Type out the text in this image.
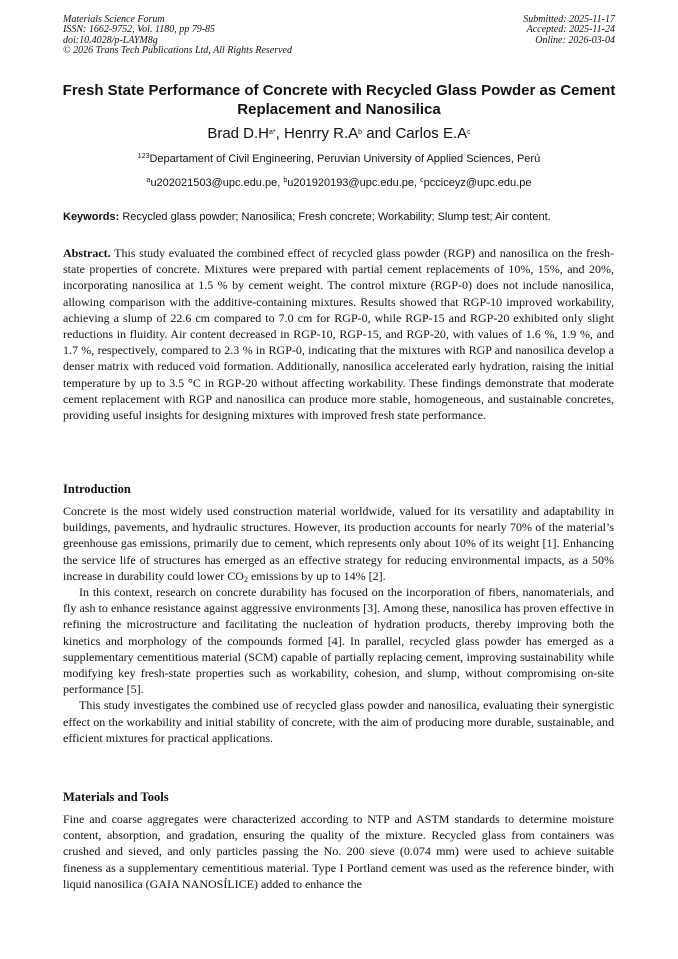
Materials Science Forum
ISSN: 1662-9752, Vol. 1180, pp 79-85
doi:10.4028/p-LAYM8g
© 2026 Trans Tech Publications Ltd, All Rights Reserved
Submitted: 2025-11-17
Accepted: 2025-11-24
Online: 2026-03-04
Fresh State Performance of Concrete with Recycled Glass Powder as Cement Replacement and Nanosilica
Brad $D.H^{a*}$, Henrry $R.A^b$ and Carlos $E.A^c$
$^{123}$Departament of Civil Engineering, Peruvian University of Applied Sciences, Perú
$^a$u202021503@upc.edu.pe, $^b$u201920193@upc.edu.pe, $^c$pcciceyz@upc.edu.pe
Keywords: Recycled glass powder; Nanosilica; Fresh concrete; Workability; Slump test; Air content.
Abstract. This study evaluated the combined effect of recycled glass powder (RGP) and nanosilica on the fresh-state properties of concrete. Mixtures were prepared with partial cement replacements of 10%, 15%, and 20%, incorporating nanosilica at 1.5 % by cement weight. The control mixture (RGP-0) does not include nanosilica, allowing comparison with the additive-containing mixtures. Results showed that RGP-10 improved workability, achieving a slump of 22.6 cm compared to 7.0 cm for RGP-0, while RGP-15 and RGP-20 exhibited only slight reductions in fluidity. Air content decreased in RGP-10, RGP-15, and RGP-20, with values of 1.6 %, 1.9 %, and 1.7 %, respectively, compared to 2.3 % in RGP-0, indicating that the mixtures with RGP and nanosilica develop a denser matrix with reduced void formation. Additionally, nanosilica accelerated early hydration, raising the initial temperature by up to 3.5 °C in RGP-20 without affecting workability. These findings demonstrate that moderate cement replacement with RGP and nanosilica can produce more stable, homogeneous, and sustainable concretes, providing useful insights for designing mixtures with improved fresh state performance.
Introduction

Concrete is the most widely used construction material worldwide, valued for its versatility and adaptability in buildings, pavements, and hydraulic structures. However, its production accounts for nearly 70% of the material’s greenhouse gas emissions, primarily due to cement, which represents only about 10% of its weight [1]. Enhancing the service life of structures has emerged as an effective strategy for reducing environmental impacts, as a 50% increase in durability could lower $CO_2$ emissions by up to 14% [2].

In this context, research on concrete durability has focused on the incorporation of fibers, nanomaterials, and fly ash to enhance resistance against aggressive environments [3]. Among these, nanosilica has proven effective in refining the microstructure and facilitating the nucleation of hydration products, thereby improving both the kinetics and morphology of the compounds formed [4]. In parallel, recycled glass powder has emerged as a supplementary cementitious material (SCM) capable of partially replacing cement, improving sustainability while modifying key fresh-state properties such as workability, cohesion, and slump, without compromising on-site performance [5].

This study investigates the combined use of recycled glass powder and nanosilica, evaluating their synergistic effect on the workability and initial stability of concrete, with the aim of producing more durable, sustainable, and efficient mixtures for practical applications.

Materials and Tools

Fine and coarse aggregates were characterized according to NTP and ASTM standards to determine moisture content, absorption, and gradation, ensuring the quality of the mixture. Recycled glass from containers was crushed and sieved, and only particles passing the No. 200 sieve (0.074 mm) were used to achieve suitable fineness as a supplementary cementitious material. Type I Portland cement was used as the reference binder, with liquid nanosilica (GAIA NANOSÍLICE) added to enhance the
